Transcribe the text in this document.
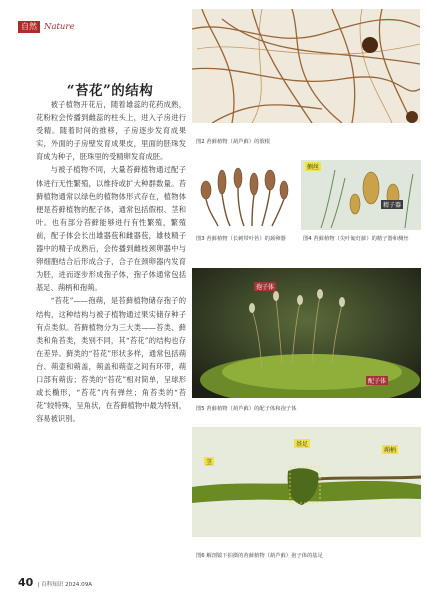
自然 Nature
“苔花”的结构

被子植物开花后，随着雄蕊的花药成熟，花粉粒会传播到雌蕊的柱头上，进入子房进行受精。随着时间的推移，子房逐步发育成果实，外面的子房壁发育成果皮，里面的胚珠发育成为种子，胚珠里的受精卵发育成胚。

与被子植物不同，大量苔藓植物通过配子体进行无性繁殖，以维持或扩大种群数量。苔藓植物通常以绿色的植物体形式存在，植物体便是苔藓植物的配子体，通常包括假根、茎和叶。也有部分苔藓能够进行有性繁殖，繁殖前，配子体会长出雄器苞和雌器苞，雄枝精子器中的精子成熟后，会传播到雌枝颈卵器中与卵细胞结合后形成合子，合子在颈卵器内发育为胚，进而逐步形成孢子体，孢子体通常包括基足、蒴柄和孢蒴。

“苔花”——孢蒴，是苔藓植物储存孢子的结构，这种结构与被子植物通过果实储存种子有点类似。苔藓植物分为三大类——苔类、藓类和角苔类，类别不同，其“苔花”的结构也存在差异。藓类的“苔花”形状多样，通常包括蒴台、蒴壶和蒴盖，蒴盖和蒴壶之间有环带，蒴口部有蒴齿；苔类的“苔花”相对简单，呈球形或长椭形，“苔花”内有弹丝；角苔类的“苔花”较特殊，呈角状，在苔藓植物中最为特别，容易被识别。

图2 苔藓植物（葫芦藓）的假根
图3 苔藓植物（长刺带叶苔）的颈卵器
侧丝
精子器
图4 苔藓植物（尖叶匍灯藓）的精子器和侧丝
孢子体
配子体
图5 苔藓植物（葫芦藓）的配子体和孢子体
茎
基足
蒴柄
图6 解剖镜下拍摄的苔藓植物（葫芦藓）孢子体的基足
40 | 百科知识 2024.09A
